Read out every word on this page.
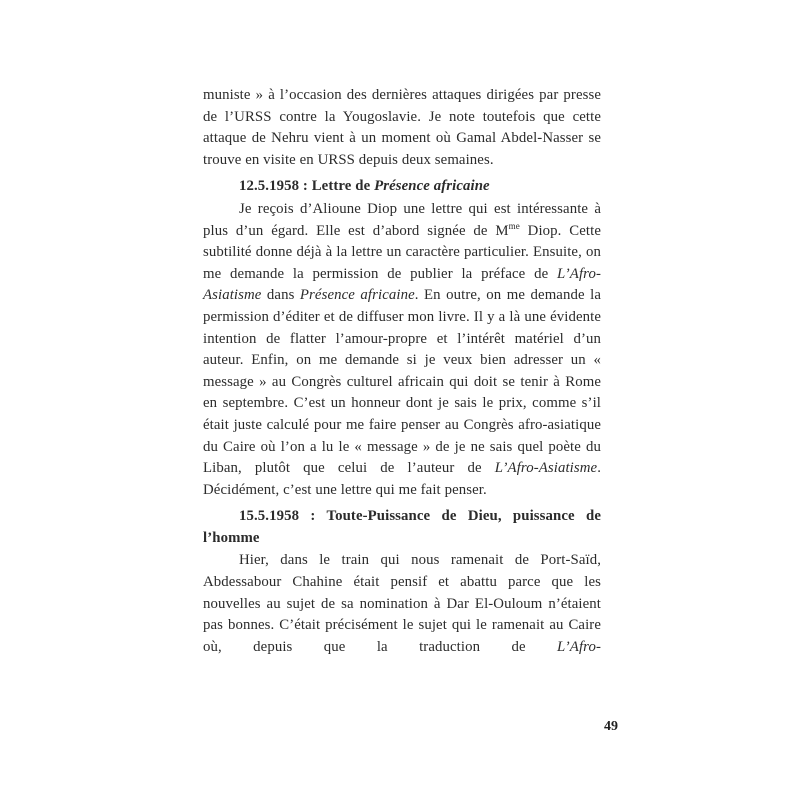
muniste » à l’occasion des dernières attaques dirigées par presse de l’URSS contre la Yougoslavie. Je note toutefois que cette attaque de Nehru vient à un moment où Gamal Abdel-Nasser se trouve en visite en URSS depuis deux semaines.

12.5.1958 : Lettre de Présence africaine

Je reçois d’Alioune Diop une lettre qui est intéressante à plus d’un égard. Elle est d’abord signée de $M^{me}$ Diop. Cette subtilité donne déjà à la lettre un caractère particulier. Ensuite, on me demande la permission de publier la préface de L’Afro-Asiatisme dans Présence africaine. En outre, on me demande la permission d’éditer et de diffuser mon livre. Il y a là une évidente intention de flatter l’amour-propre et l’intérêt matériel d’un auteur. Enfin, on me demande si je veux bien adresser un « message » au Congrès culturel africain qui doit se tenir à Rome en septembre. C’est un honneur dont je sais le prix, comme s’il était juste calculé pour me faire penser au Congrès afro-asiatique du Caire où l’on a lu le « message » de je ne sais quel poète du Liban, plutôt que celui de l’auteur de L’Afro-Asiatisme. Décidément, c’est une lettre qui me fait penser.

15.5.1958 : Toute-Puissance de Dieu, puissance de l’homme

Hier, dans le train qui nous ramenait de Port-Saïd, Abdessabour Chahine était pensif et abattu parce que les nouvelles au sujet de sa nomination à Dar El-Ouloum n’étaient pas bonnes. C’était précisément le sujet qui le ramenait au Caire où, depuis que la traduction de L’Afro-

49
